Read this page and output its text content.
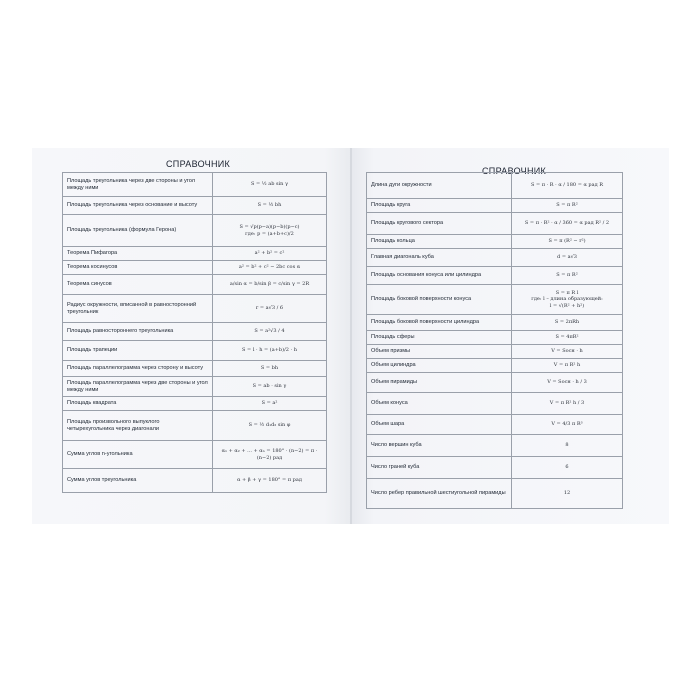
СПРАВОЧНИК
Площадь треугольника через две стороны и угол между ними	S = ½ ab sin γ
Площадь треугольника через основание и высоту	S = ½ bh
Площадь треугольника (формула Герона)	S = √p(p−a)(p−b)(p−c)
где: p = (a+b+c)/2
Теорема Пифагора	a² + b² = c²
Теорема косинусов	a² = b² + c² − 2bc cos α
Теорема синусов	a/sin α = b/sin β = c/sin γ = 2R
Радиус окружности, вписанной в равносторонний треугольник	r = a√3 / 6
Площадь равностороннего треугольника	S = a²√3 / 4
Площадь трапеции	S = l · h = (a+b)/2 · h
Площадь параллелограмма через сторону и высоту	S = bh
Площадь параллелограмма через две стороны и угол между ними	S = ab · sin γ
Площадь квадрата	S = a²
Площадь произвольного выпуклого четырехугольника через диагонали	S = ½ d₁d₂ sin φ
Сумма углов n-угольника	α₁ + α₂ + ... + αₙ = 180° · (n−2) = π · (n−2) рад
Сумма углов треугольника	α + β + γ = 180° = π рад
СПРАВОЧНИК
Длина дуги окружности	S = π · R · α / 180 = α рад R
Площадь круга	S = π R²
Площадь кругового сектора	S = π · R² · α / 360 = α рад R² / 2
Площадь кольца	S = π (R² − r²)
Главная диагональ куба	d = a√3
Площадь основания конуса или цилиндра	S = π R²
Площадь боковой поверхности конуса	S = π R l
где: l – длина образующей:
l = √(R² + h²)
Площадь боковой поверхности цилиндра	S = 2πRh
Площадь сферы	S = 4πR²
Объем призмы	V = Sосн · h
Объем цилиндра	V = π R² h
Объем пирамиды	V = Sосн · h / 3
Объем конуса	V = π R² h / 3
Объем шара	V = 4/3 π R³
Число вершин куба	8
Число граней куба	6
Число ребер правильной шестиугольной пирамиды	12
